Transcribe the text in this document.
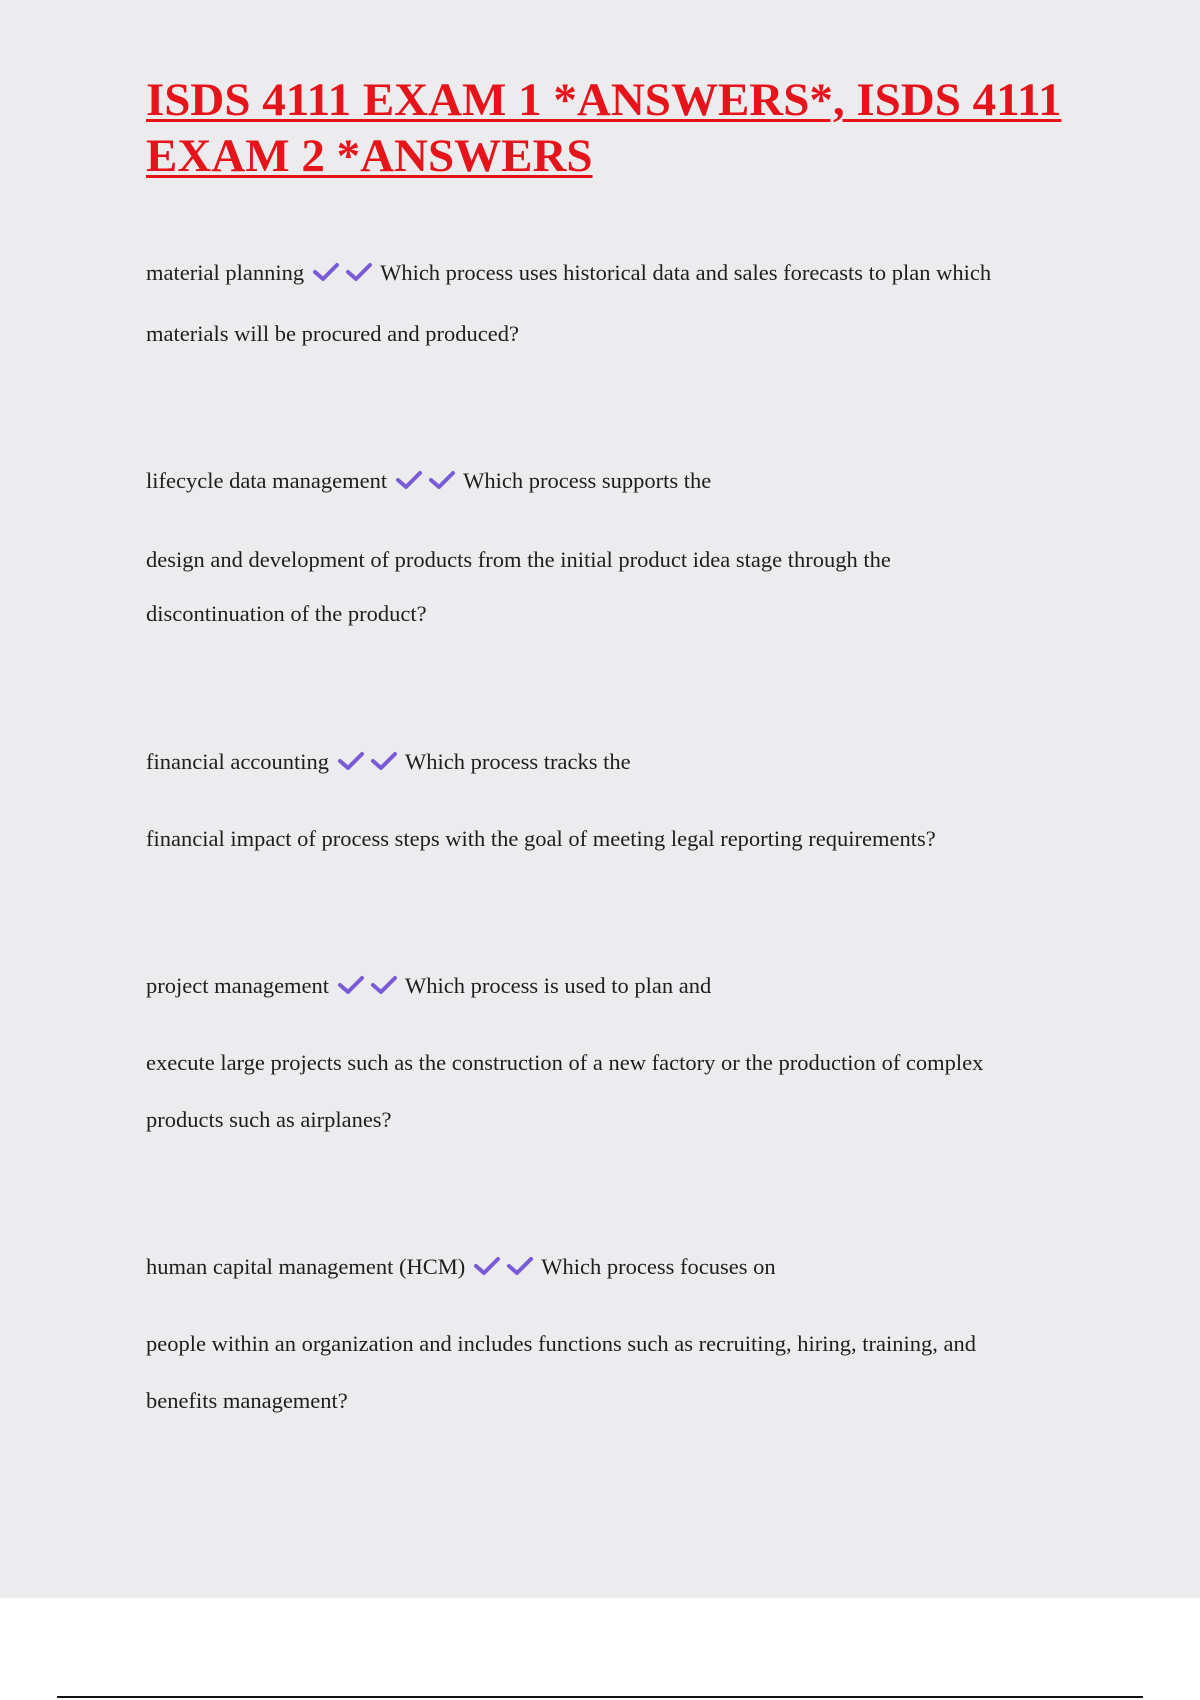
ISDS 4111 EXAM 1 *ANSWERS*, ISDS 4111 EXAM 2 *ANSWERS

material planning	Which process uses historical data and sales forecasts to plan which

materials will be procured and produced?

lifecycle data management	Which process supports the

design and development of products from the initial product idea stage through the

discontinuation of the product?

financial accounting	Which process tracks the

financial impact of process steps with the goal of meeting legal reporting requirements?

project management	Which process is used to plan and

execute large projects such as the construction of a new factory or the production of complex

products such as airplanes?

human capital management (HCM)	Which process focuses on

people within an organization and includes functions such as recruiting, hiring, training, and

benefits management?
